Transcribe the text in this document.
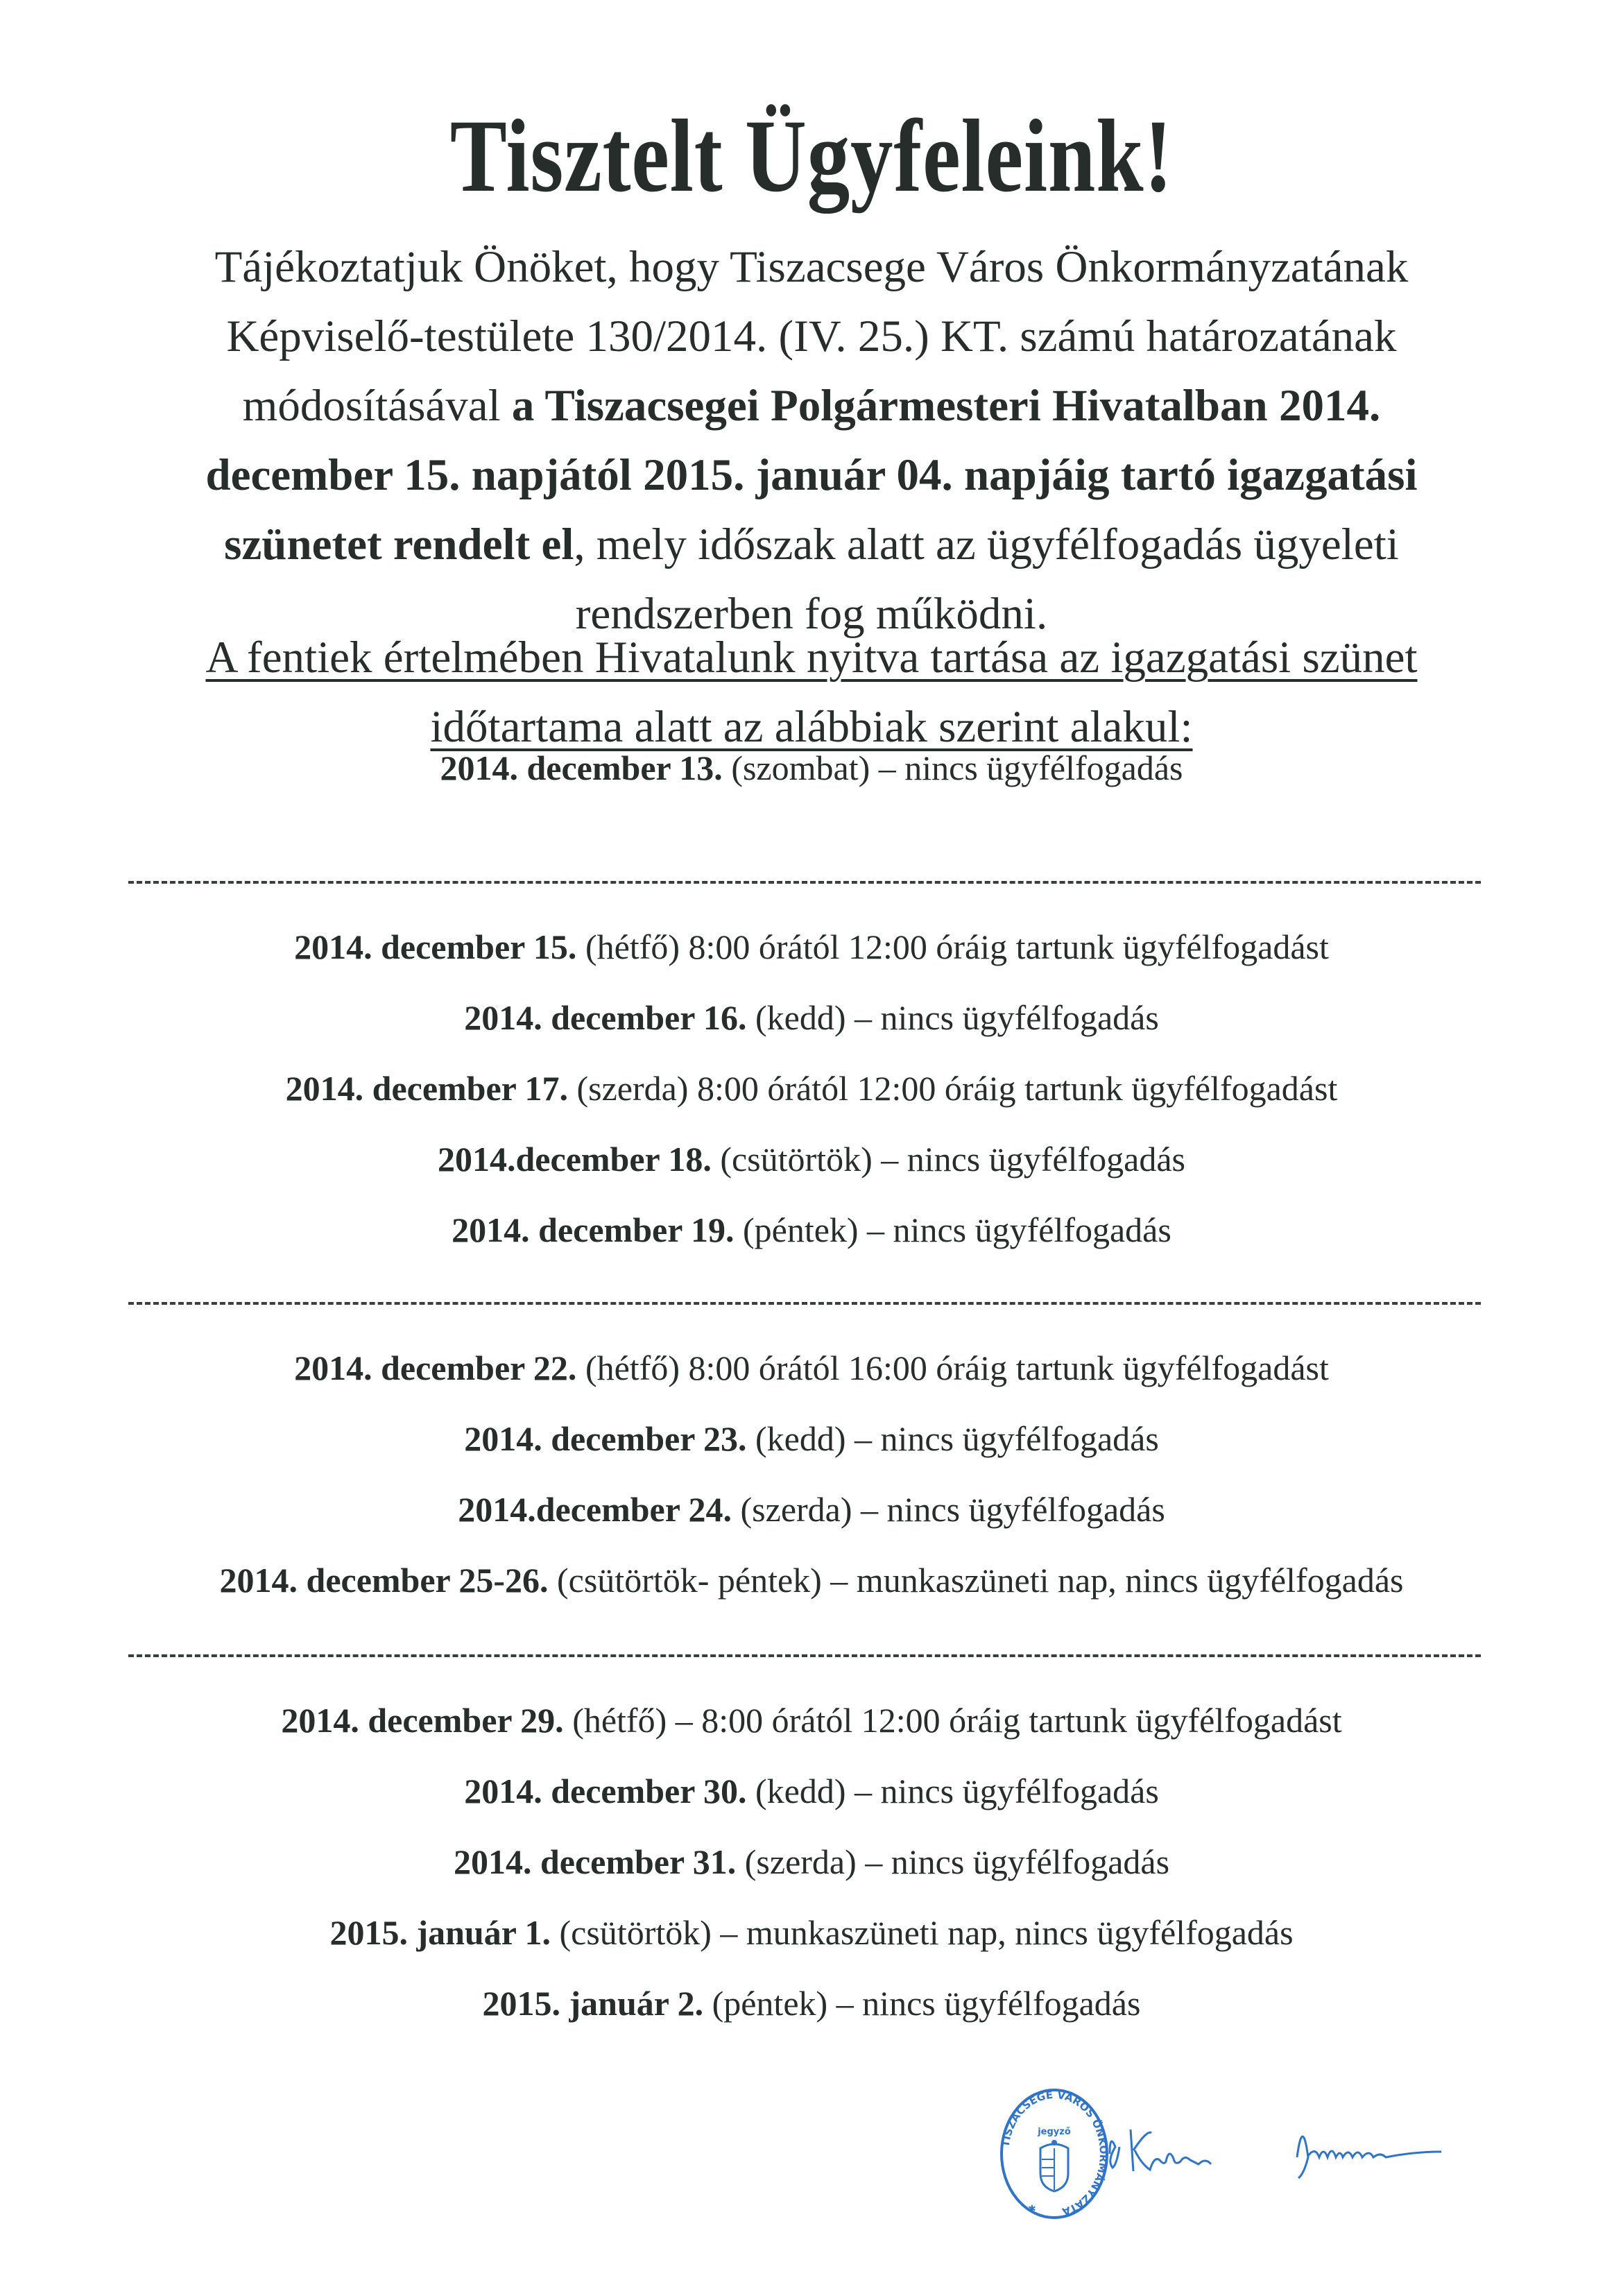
Tisztelt Ügyfeleink!
Tájékoztatjuk Önöket, hogy Tiszacsege Város Önkormányzatának
Képviselő-testülete 130/2014. (IV. 25.) KT. számú határozatának
módosításával a Tiszacsegei Polgármesteri Hivatalban 2014.
december 15. napjától 2015. január 04. napjáig tartó igazgatási
szünetet rendelt el, mely időszak alatt az ügyfélfogadás ügyeleti
rendszerben fog működni.
A fentiek értelmében Hivatalunk nyitva tartása az igazgatási szünet
időtartama alatt az alábbiak szerint alakul:
2014. december 13. (szombat) – nincs ügyfélfogadás
2014. december 15. (hétfő) 8:00 órától 12:00 óráig tartunk ügyfélfogadást
2014. december 16. (kedd) – nincs ügyfélfogadás
2014. december 17. (szerda) 8:00 órától 12:00 óráig tartunk ügyfélfogadást
2014.december 18. (csütörtök) – nincs ügyfélfogadás
2014. december 19. (péntek) – nincs ügyfélfogadás
2014. december 22. (hétfő) 8:00 órától 16:00 óráig tartunk ügyfélfogadást
2014. december 23. (kedd) – nincs ügyfélfogadás
2014.december 24. (szerda) – nincs ügyfélfogadás
2014. december 25-26. (csütörtök- péntek) – munkaszüneti nap, nincs ügyfélfogadás
2014. december 29. (hétfő) – 8:00 órától 12:00 óráig tartunk ügyfélfogadást
2014. december 30. (kedd) – nincs ügyfélfogadás
2014. december 31. (szerda) – nincs ügyfélfogadás
2015. január 1. (csütörtök) – munkaszüneti nap, nincs ügyfélfogadás
2015. január 2. (péntek) – nincs ügyfélfogadás
TISZACSEGE VÁROS ÖNKORMÁNYZATA
jegyző
✱
